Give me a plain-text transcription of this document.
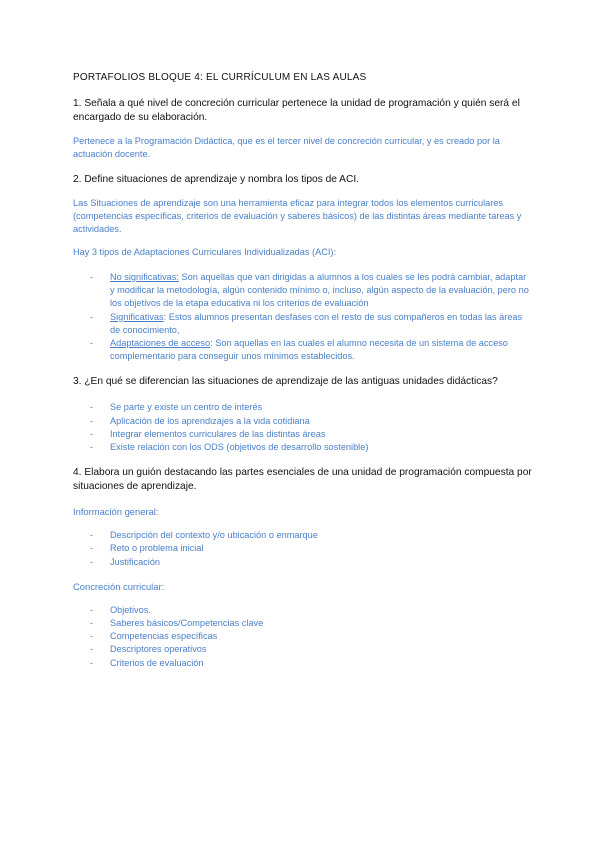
PORTAFOLIOS BLOQUE 4: EL CURRÍCULUM EN LAS AULAS

1. Señala a qué nivel de concreción curricular pertenece la unidad de programación y quién será el encargado de su elaboración.

Pertenece a la Programación Didáctica, que es el tercer nivel de concreción curricular, y es creado por la actuación docente.

2. Define situaciones de aprendizaje y nombra los tipos de ACI.

Las Situaciones de aprendizaje son una herramienta eficaz para integrar todos los elementos curriculares (competencias específicas, criterios de evaluación y saberes básicos) de las distintas áreas mediante tareas y actividades.

Hay 3 tipos de Adaptaciones Curriculares Individualizadas (ACI):

- No significativas: Son aquellas que van dirigidas a alumnos a los cuales se les podrá cambiar, adaptar y modificar la metodología, algún contenido mínimo o, incluso, algún aspecto de la evaluación, pero no los objetivos de la etapa educativa ni los criterios de evaluación
- Significativas: Estos alumnos presentan desfases con el resto de sus compañeros en todas las áreas de conocimiento,
- Adaptaciones de acceso: Son aquellas en las cuales el alumno necesita de un sistema de acceso complementario para conseguir unos mínimos establecidos.

3. ¿En qué se diferencian las situaciones de aprendizaje de las antiguas unidades didácticas?

- Se parte y existe un centro de interés
- Aplicación de los aprendizajes a la vida cotidiana
- Integrar elementos curriculares de las distintas áreas
- Existe relación con los ODS (objetivos de desarrollo sostenible)

4. Elabora un guión destacando las partes esenciales de una unidad de programación compuesta por situaciones de aprendizaje.

Información general:

- Descripción del contexto y/o ubicación o enmarque
- Reto o problema inicial
- Justificación

Concreción curricular:

- Objetivos.
- Saberes básicos/Competencias clave
- Competencias específicas
- Descriptores operativos
- Criterios de evaluación
